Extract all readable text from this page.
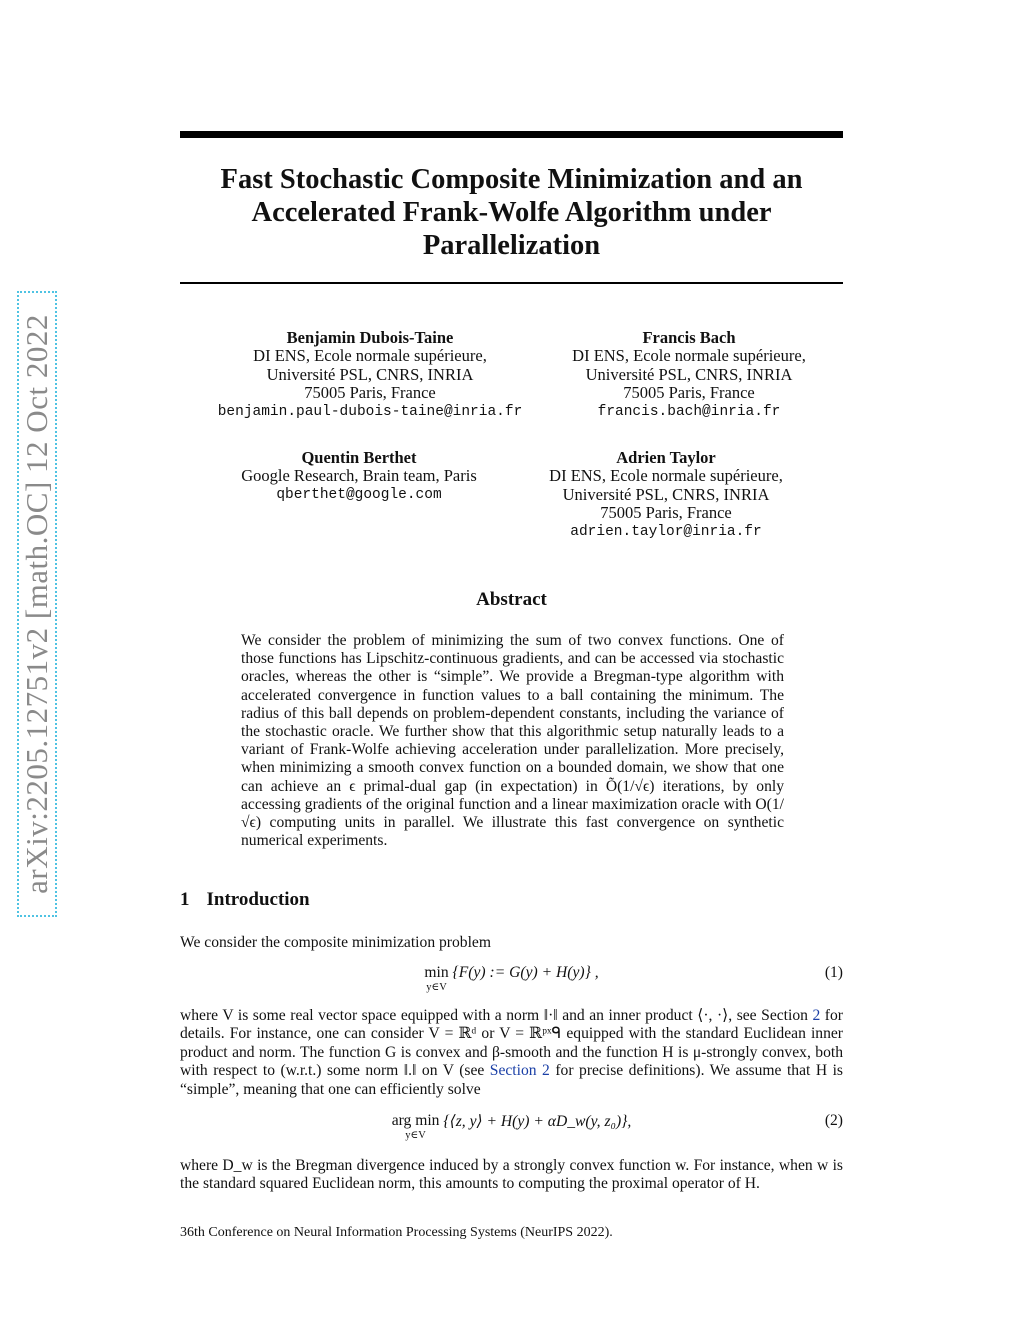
arXiv:2205.12751v2 [math.OC] 12 Oct 2022
Fast Stochastic Composite Minimization and an Accelerated Frank-Wolfe Algorithm under Parallelization
Benjamin Dubois-Taine
DI ENS, Ecole normale supérieure,
Université PSL, CNRS, INRIA
75005 Paris, France
benjamin.paul-dubois-taine@inria.fr
Francis Bach
DI ENS, Ecole normale supérieure,
Université PSL, CNRS, INRIA
75005 Paris, France
francis.bach@inria.fr
Quentin Berthet
Google Research, Brain team, Paris
qberthet@google.com
Adrien Taylor
DI ENS, Ecole normale supérieure,
Université PSL, CNRS, INRIA
75005 Paris, France
adrien.taylor@inria.fr
Abstract
We consider the problem of minimizing the sum of two convex functions. One of those functions has Lipschitz-continuous gradients, and can be accessed via stochastic oracles, whereas the other is “simple”. We provide a Bregman-type algorithm with accelerated convergence in function values to a ball containing the minimum. The radius of this ball depends on problem-dependent constants, including the variance of the stochastic oracle. We further show that this algorithmic setup naturally leads to a variant of Frank-Wolfe achieving acceleration under parallelization. More precisely, when minimizing a smooth convex function on a bounded domain, we show that one can achieve an ϵ primal-dual gap (in expectation) in Õ(1/√ϵ) iterations, by only accessing gradients of the original function and a linear maximization oracle with O(1/√ϵ) computing units in parallel. We illustrate this fast convergence on synthetic numerical experiments.
1 Introduction
We consider the composite minimization problem
min
y∈V
{F(y) := G(y) + H(y)} ,	(1)
where V is some real vector space equipped with a norm ‖·‖ and an inner product ⟨·, ·⟩, see Section 2 for details. For instance, one can consider V = ℝᵈ or V = ℝᵖˣᑫ equipped with the standard Euclidean inner product and norm. The function G is convex and β-smooth and the function H is μ-strongly convex, both with respect to (w.r.t.) some norm ‖.‖ on V (see Section 2 for precise definitions). We assume that H is “simple”, meaning that one can efficiently solve
arg min
y∈V
{⟨z, y⟩ + H(y) + αD_w(y, z₀)},	(2)
where D_w is the Bregman divergence induced by a strongly convex function w. For instance, when w is the standard squared Euclidean norm, this amounts to computing the proximal operator of H.
36th Conference on Neural Information Processing Systems (NeurIPS 2022).
